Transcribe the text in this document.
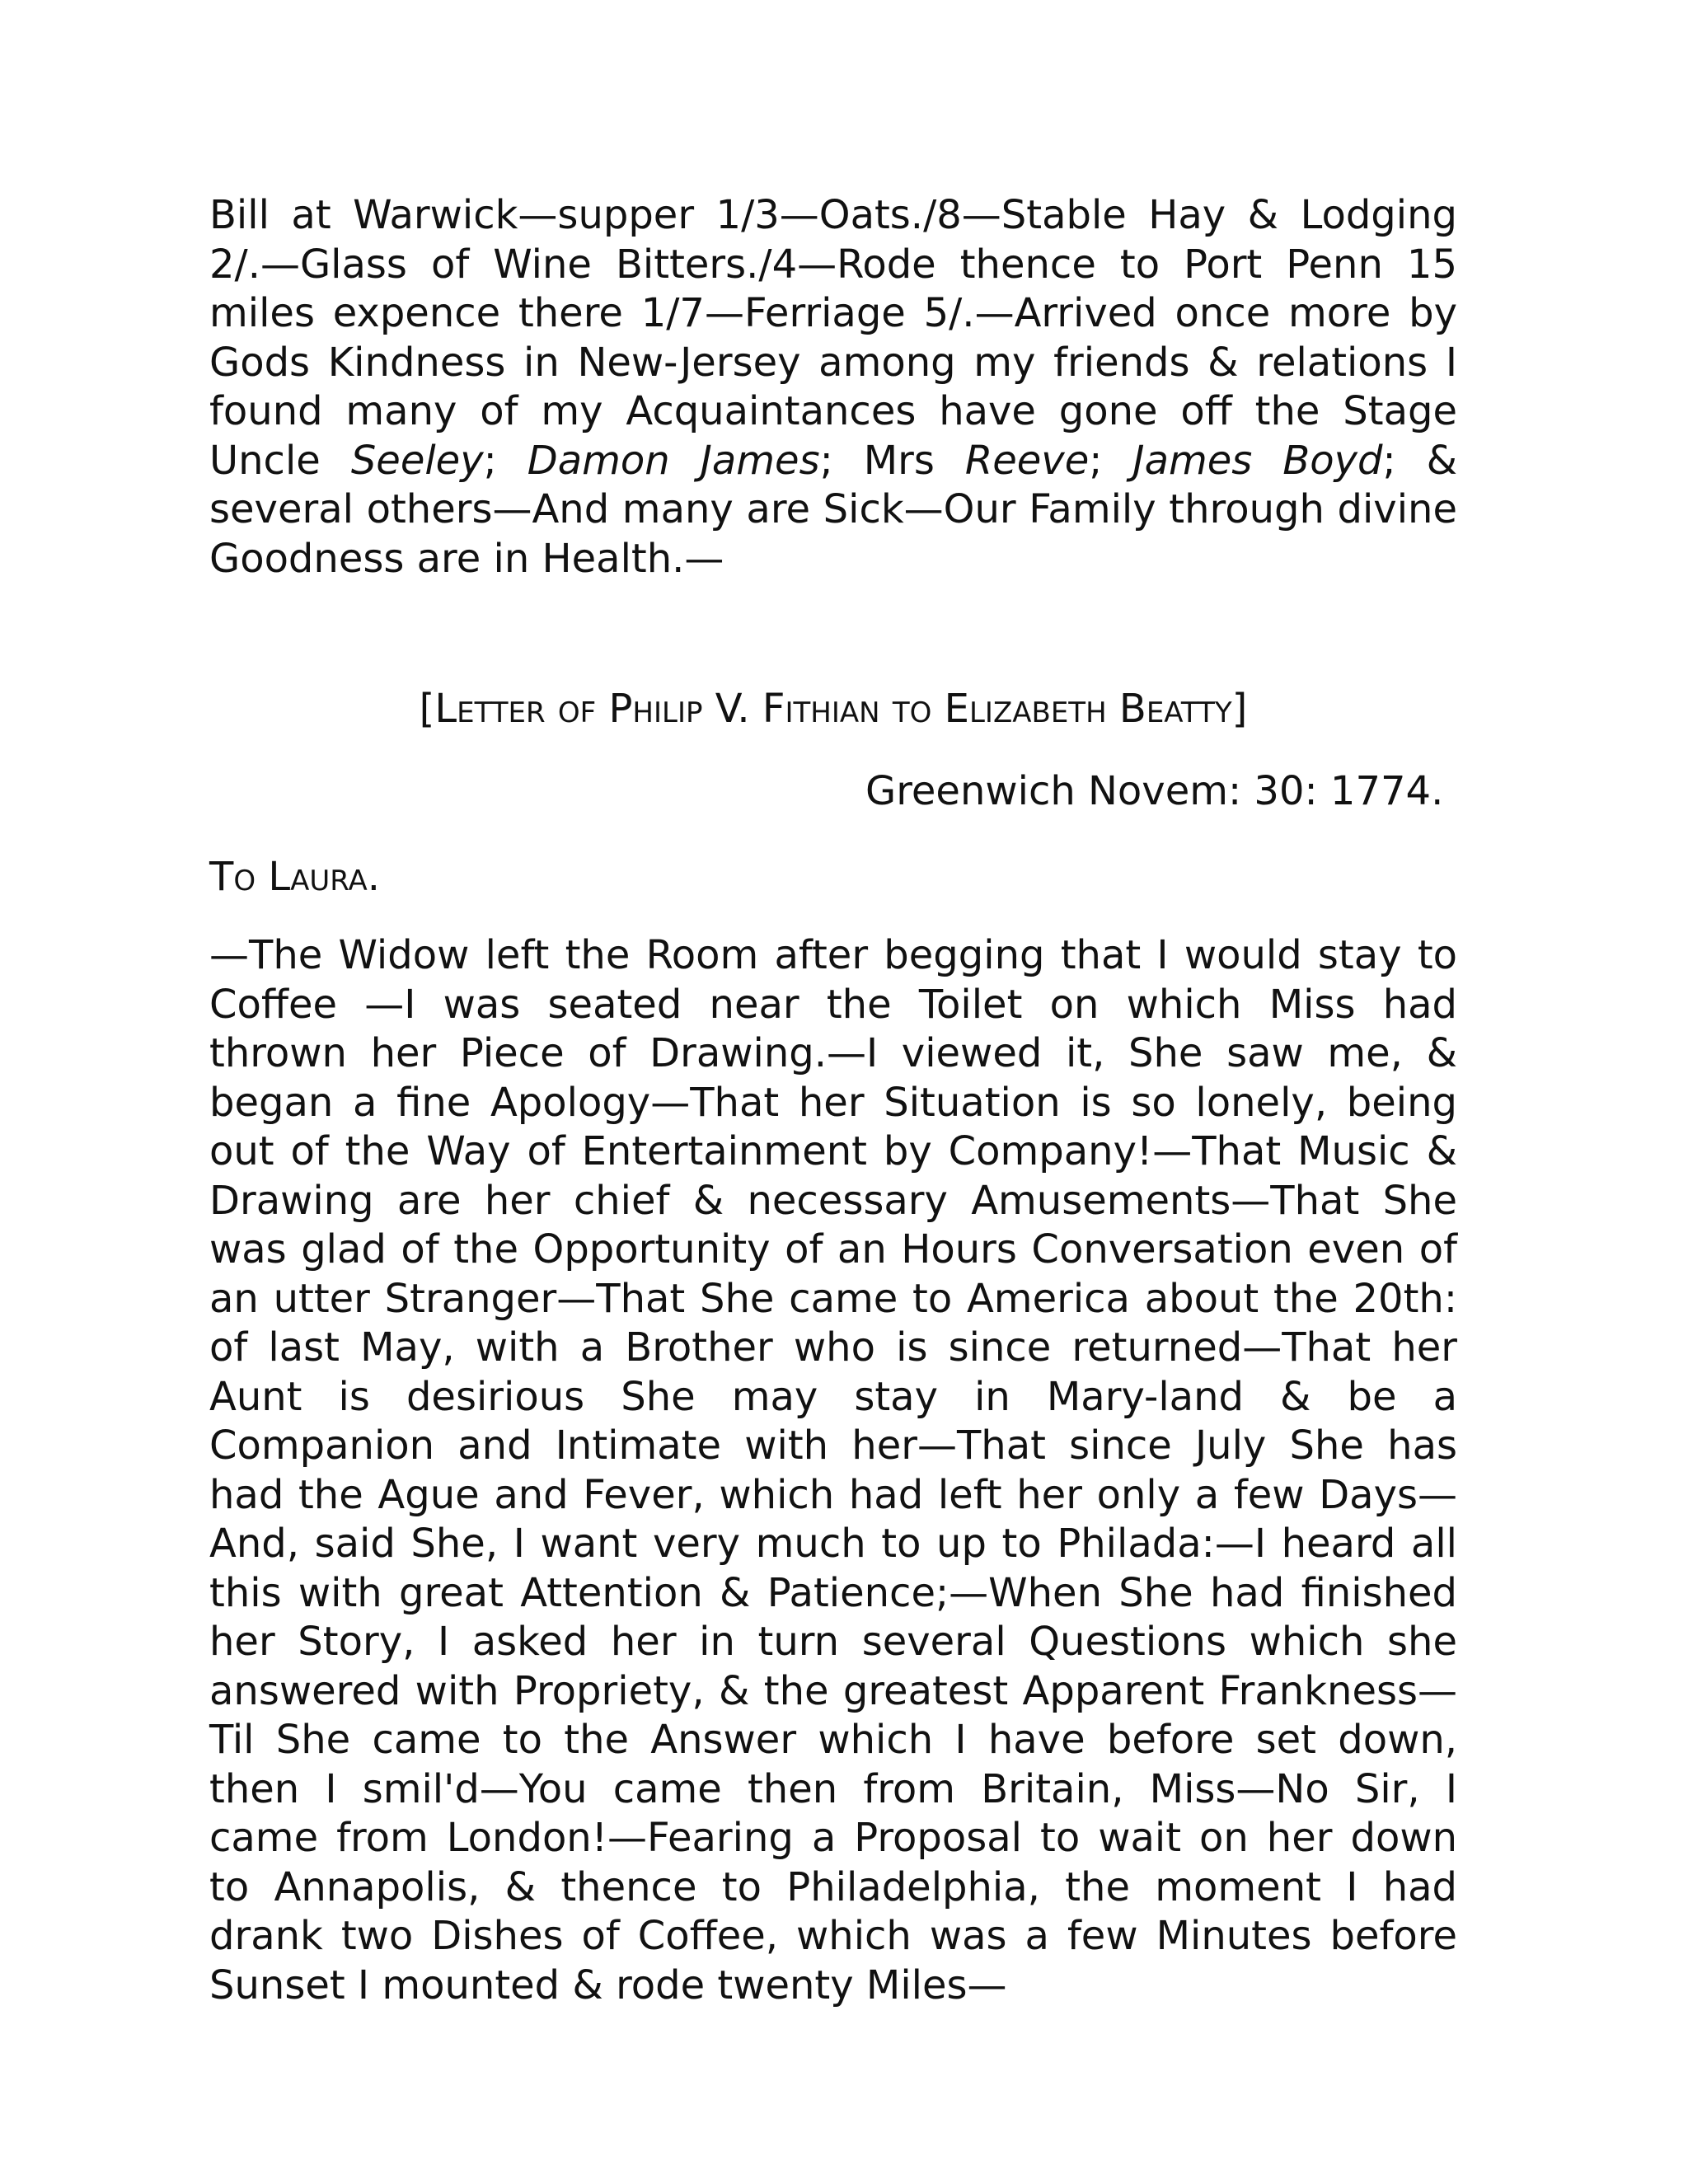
Bill at Warwick—supper 1/3—Oats./8—Stable Hay & Lodging 2/.—Glass of Wine Bitters./4—Rode thence to Port Penn 15 miles expence there 1/7—Ferriage 5/.—Arrived once more by Gods Kindness in New-Jersey among my friends & relations I found many of my Acquaintances have gone off the Stage Uncle Seeley; Damon James; Mrs Reeve; James Boyd; & several others—And many are Sick—Our Family through divine Goodness are in Health.—

[Letter of Philip V. Fithian to Elizabeth Beatty]
Greenwich Novem: 30: 1774.
To Laura.

—The Widow left the Room after begging that I would stay to Coffee —I was seated near the Toilet on which Miss had thrown her Piece of Drawing.—I viewed it, She saw me, & began a fine Apology—That her Situation is so lonely, being out of the Way of Entertainment by Company!—That Music & Drawing are her chief & necessary Amusements—That She was glad of the Opportunity of an Hours Conversation even of an utter Stranger—That She came to America about the 20th: of last May, with a Brother who is since returned—That her Aunt is desirious She may stay in Mary-land & be a Companion and Intimate with her—That since July She has had the Ague and Fever, which had left her only a few Days—And, said She, I want very much to up to Philada:—I heard all this with great Attention & Patience;—When She had finished her Story, I asked her in turn several Questions which she answered with Propriety, & the greatest Apparent Frankness—Til She came to the Answer which I have before set down, then I smil'd—You came then from Britain, Miss—No Sir, I came from London!—Fearing a Proposal to wait on her down to Annapolis, & thence to Philadelphia, the moment I had drank two Dishes of Coffee, which was a few Minutes before Sunset I mounted & rode twenty Miles—
